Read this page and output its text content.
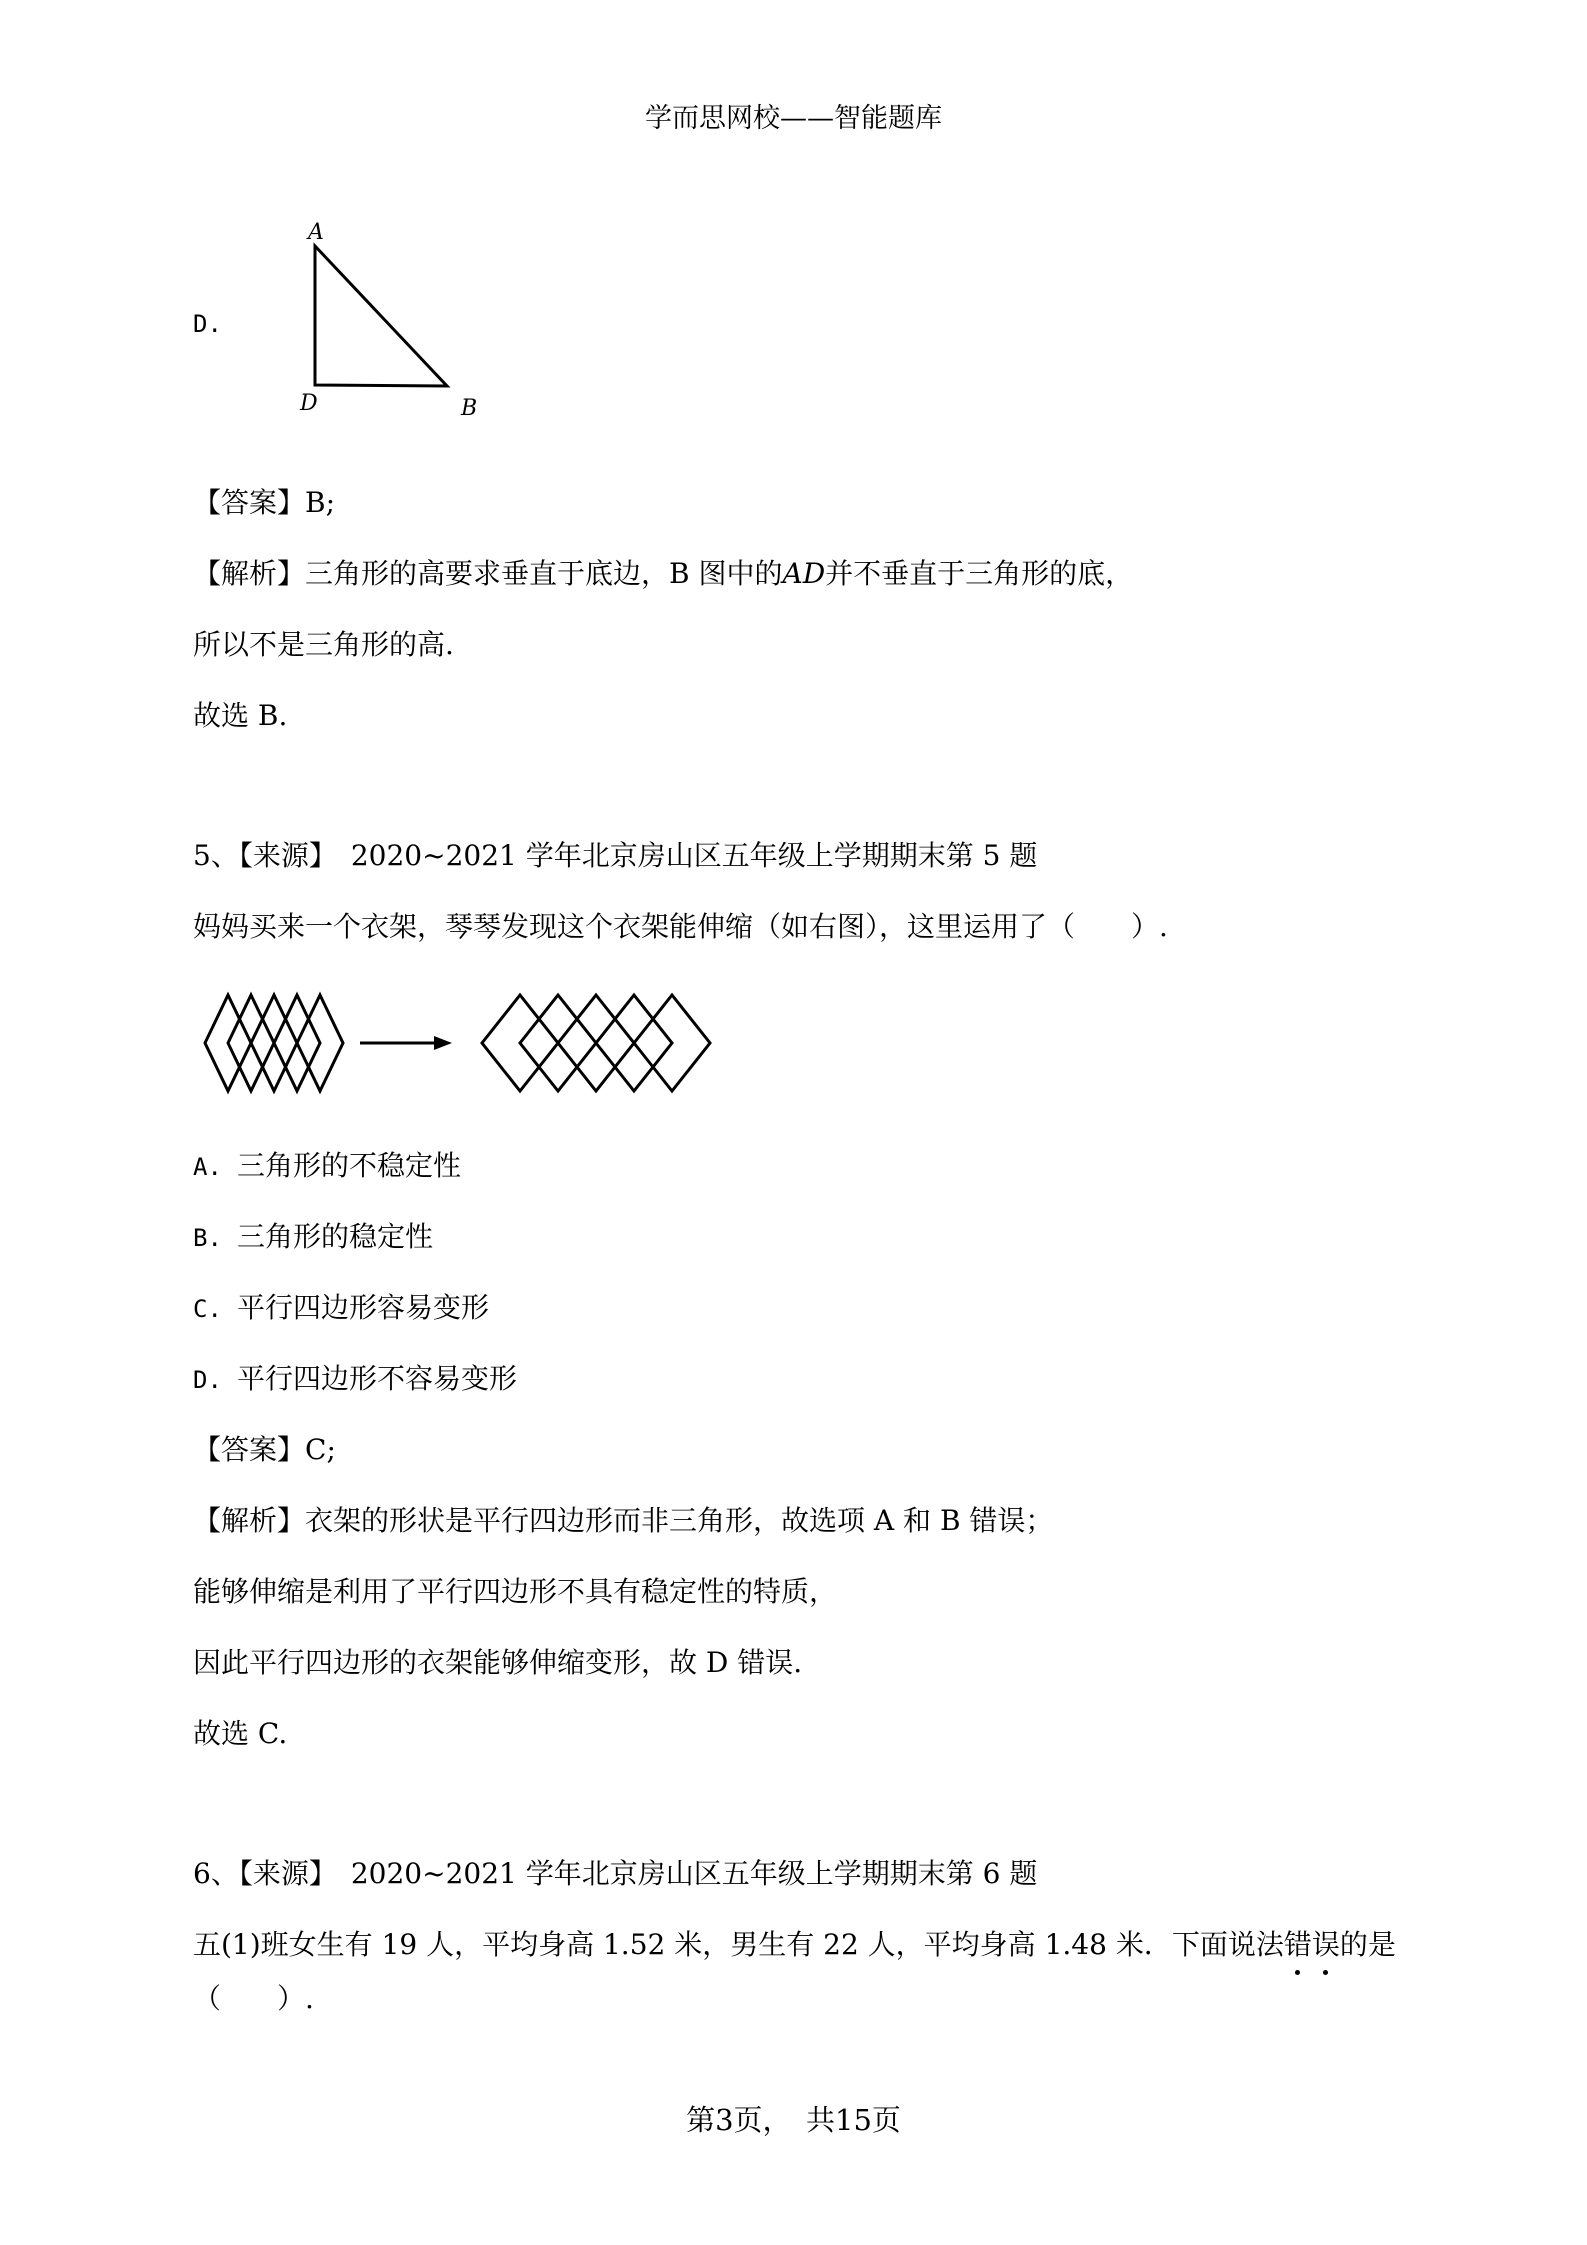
学而思网校——智能题库
D.
A
D	B
【答案】B;
【解析】三角形的高要求垂直于底边，B 图中的AD并不垂直于三角形的底，
所以不是三角形的高.
故选 B.
5、【来源】　 2020~2021 学年北京房山区五年级上学期期末第 5 题
妈妈买来一个衣架，琴琴发现这个衣架能伸缩（如右图），这里运用了（　　）.
A. 三角形的不稳定性
B. 三角形的稳定性
C. 平行四边形容易变形
D. 平行四边形不容易变形
【答案】C;
【解析】衣架的形状是平行四边形而非三角形，故选项 A 和 B 错误；
能够伸缩是利用了平行四边形不具有稳定性的特质，
因此平行四边形的衣架能够伸缩变形，故 D 错误.
故选 C.
6、【来源】　 2020~2021 学年北京房山区五年级上学期期末第 6 题
五(1)班女生有 19 人，平均身高 1.52 米，男生有 22 人，平均身高 1.48 米．下面说法错误的是
（　　）.
第3页，　共15页
